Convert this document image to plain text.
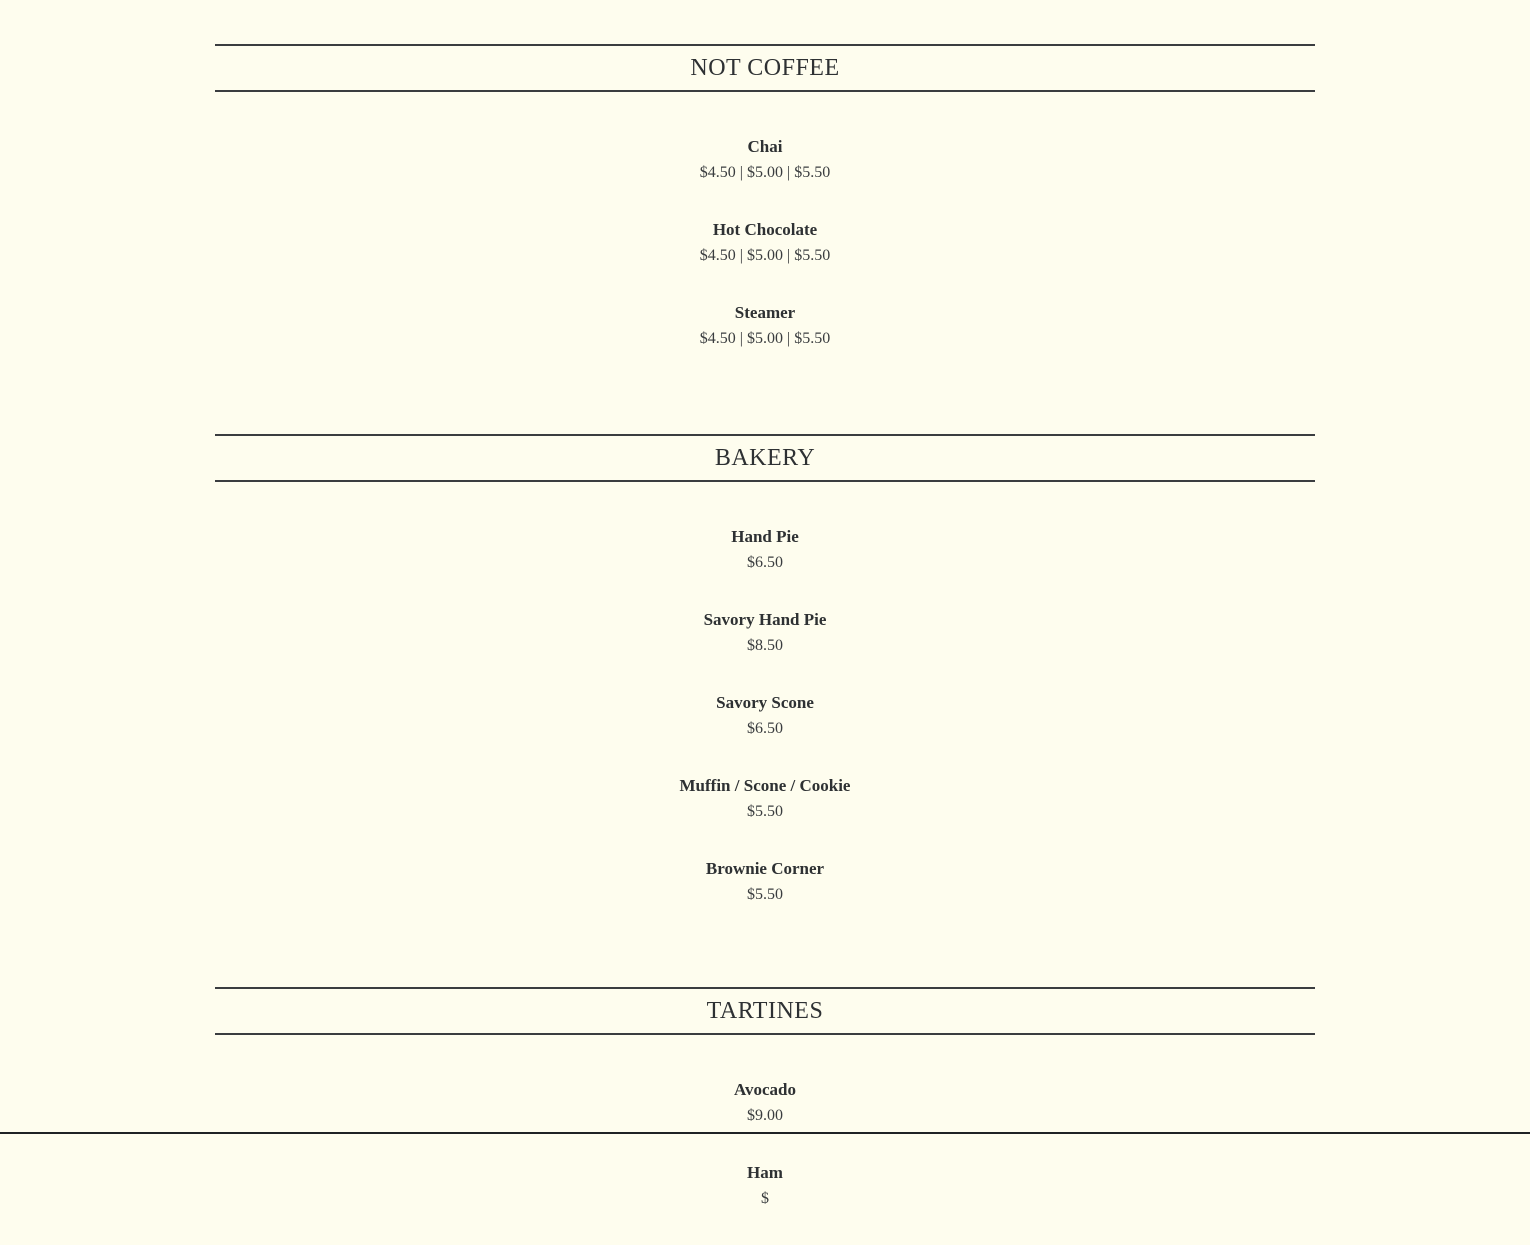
NOT COFFEE
Chai
$4.50 | $5.00 | $5.50
Hot Chocolate
$4.50 | $5.00 | $5.50
Steamer
$4.50 | $5.00 | $5.50
BAKERY
Hand Pie
$6.50
Savory Hand Pie
$8.50
Savory Scone
$6.50
Muffin / Scone / Cookie
$5.50
Brownie Corner
$5.50
TARTINES
Avocado
$9.00
Ham
$
